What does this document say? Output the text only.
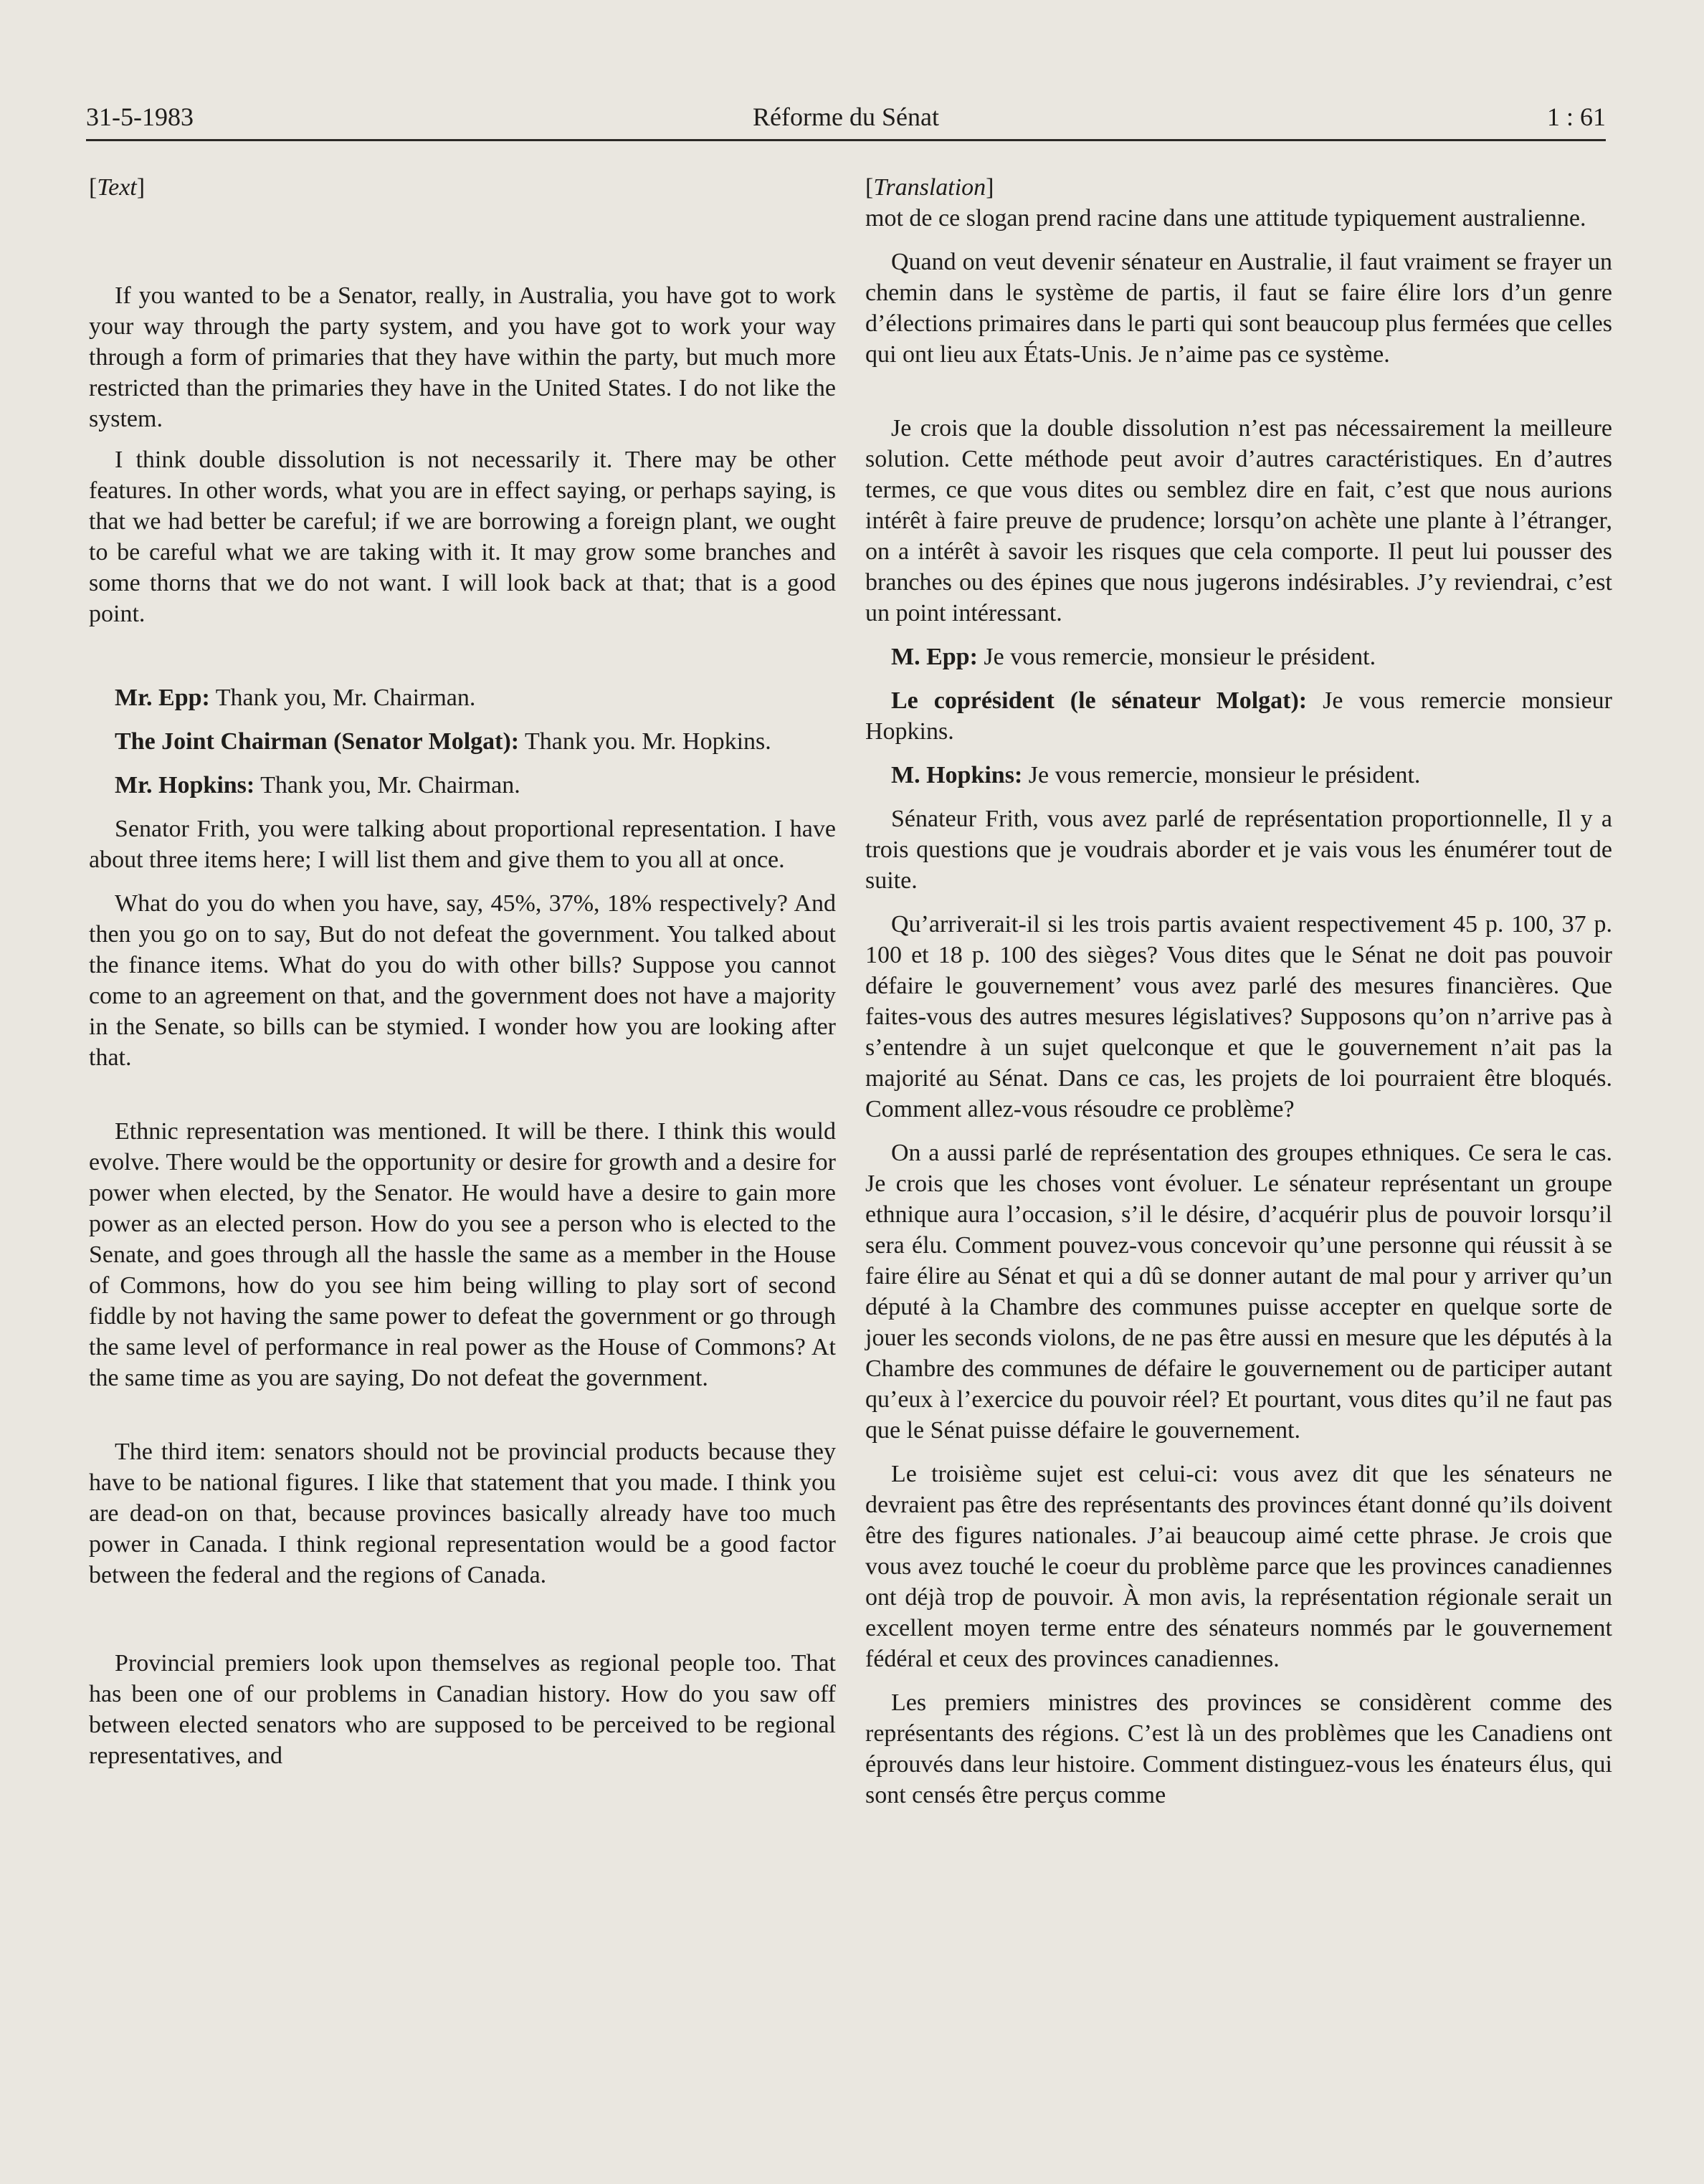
31-5-1983	Réforme du Sénat	1 : 61

[Text]

If you wanted to be a Senator, really, in Australia, you have got to work your way through the party system, and you have got to work your way through a form of primaries that they have within the party, but much more restricted than the primaries they have in the United States. I do not like the system.

I think double dissolution is not necessarily it. There may be other features. In other words, what you are in effect saying, or perhaps saying, is that we had better be careful; if we are borrowing a foreign plant, we ought to be careful what we are taking with it. It may grow some branches and some thorns that we do not want. I will look back at that; that is a good point.

Mr. Epp: Thank you, Mr. Chairman.

The Joint Chairman (Senator Molgat): Thank you. Mr. Hopkins.

Mr. Hopkins: Thank you, Mr. Chairman.

Senator Frith, you were talking about proportional representation. I have about three items here; I will list them and give them to you all at once.

What do you do when you have, say, 45%, 37%, 18% respectively? And then you go on to say, But do not defeat the government. You talked about the finance items. What do you do with other bills? Suppose you cannot come to an agreement on that, and the government does not have a majority in the Senate, so bills can be stymied. I wonder how you are looking after that.

Ethnic representation was mentioned. It will be there. I think this would evolve. There would be the opportunity or desire for growth and a desire for power when elected, by the Senator. He would have a desire to gain more power as an elected person. How do you see a person who is elected to the Senate, and goes through all the hassle the same as a member in the House of Commons, how do you see him being willing to play sort of second fiddle by not having the same power to defeat the government or go through the same level of performance in real power as the House of Commons? At the same time as you are saying, Do not defeat the government.

The third item: senators should not be provincial products because they have to be national figures. I like that statement that you made. I think you are dead-on on that, because provinces basically already have too much power in Canada. I think regional representation would be a good factor between the federal and the regions of Canada.

Provincial premiers look upon themselves as regional people too. That has been one of our problems in Canadian history. How do you saw off between elected senators who are supposed to be perceived to be regional representatives, and

[Translation]

mot de ce slogan prend racine dans une attitude typiquement australienne.

Quand on veut devenir sénateur en Australie, il faut vraiment se frayer un chemin dans le système de partis, il faut se faire élire lors d’un genre d’élections primaires dans le parti qui sont beaucoup plus fermées que celles qui ont lieu aux États-Unis. Je n’aime pas ce système.

Je crois que la double dissolution n’est pas nécessairement la meilleure solution. Cette méthode peut avoir d’autres caractéristiques. En d’autres termes, ce que vous dites ou semblez dire en fait, c’est que nous aurions intérêt à faire preuve de prudence; lorsqu’on achète une plante à l’étranger, on a intérêt à savoir les risques que cela comporte. Il peut lui pousser des branches ou des épines que nous jugerons indésirables. J’y reviendrai, c’est un point intéressant.

M. Epp: Je vous remercie, monsieur le président.

Le coprésident (le sénateur Molgat): Je vous remercie monsieur Hopkins.

M. Hopkins: Je vous remercie, monsieur le président.

Sénateur Frith, vous avez parlé de représentation proportionnelle, Il y a trois questions que je voudrais aborder et je vais vous les énumérer tout de suite.

Qu’arriverait-il si les trois partis avaient respectivement 45 p. 100, 37 p. 100 et 18 p. 100 des sièges? Vous dites que le Sénat ne doit pas pouvoir défaire le gouvernement’ vous avez parlé des mesures financières. Que faites-vous des autres mesures législatives? Supposons qu’on n’arrive pas à s’entendre à un sujet quelconque et que le gouvernement n’ait pas la majorité au Sénat. Dans ce cas, les projets de loi pourraient être bloqués. Comment allez-vous résoudre ce problème?

On a aussi parlé de représentation des groupes ethniques. Ce sera le cas. Je crois que les choses vont évoluer. Le sénateur représentant un groupe ethnique aura l’occasion, s’il le désire, d’acquérir plus de pouvoir lorsqu’il sera élu. Comment pouvez-vous concevoir qu’une personne qui réussit à se faire élire au Sénat et qui a dû se donner autant de mal pour y arriver qu’un député à la Chambre des communes puisse accepter en quelque sorte de jouer les seconds violons, de ne pas être aussi en mesure que les députés à la Chambre des communes de défaire le gouvernement ou de participer autant qu’eux à l’exercice du pouvoir réel? Et pourtant, vous dites qu’il ne faut pas que le Sénat puisse défaire le gouvernement.

Le troisième sujet est celui-ci: vous avez dit que les sénateurs ne devraient pas être des représentants des provinces étant donné qu’ils doivent être des figures nationales. J’ai beaucoup aimé cette phrase. Je crois que vous avez touché le coeur du problème parce que les provinces canadiennes ont déjà trop de pouvoir. À mon avis, la représentation régionale serait un excellent moyen terme entre des sénateurs nommés par le gouvernement fédéral et ceux des provinces canadiennes.

Les premiers ministres des provinces se considèrent comme des représentants des régions. C’est là un des problèmes que les Canadiens ont éprouvés dans leur histoire. Comment distinguez-vous les énateurs élus, qui sont censés être perçus comme
